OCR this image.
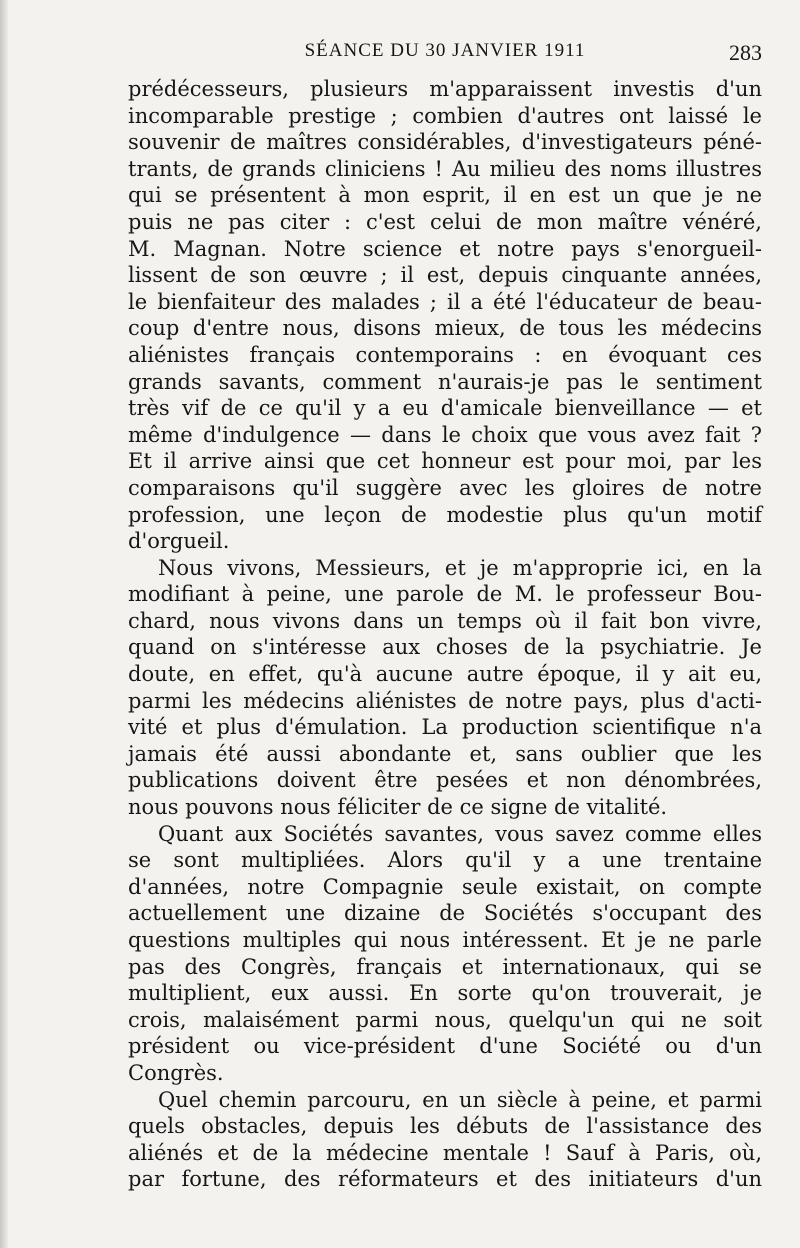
SÉANCE DU 30 JANVIER 1911	283
prédécesseurs, plusieurs m'apparaissent investis d'un
incomparable prestige ; combien d'autres ont laissé le
souvenir de maîtres considérables, d'investigateurs péné-
trants, de grands cliniciens ! Au milieu des noms illustres
qui se présentent à mon esprit, il en est un que je ne
puis ne pas citer : c'est celui de mon maître vénéré,
M. Magnan. Notre science et notre pays s'enorgueil-
lissent de son œuvre ; il est, depuis cinquante années,
le bienfaiteur des malades ; il a été l'éducateur de beau-
coup d'entre nous, disons mieux, de tous les médecins
aliénistes français contemporains : en évoquant ces
grands savants, comment n'aurais-je pas le sentiment
très vif de ce qu'il y a eu d'amicale bienveillance — et
même d'indulgence — dans le choix que vous avez fait ?
Et il arrive ainsi que cet honneur est pour moi, par les
comparaisons qu'il suggère avec les gloires de notre
profession, une leçon de modestie plus qu'un motif
d'orgueil.
Nous vivons, Messieurs, et je m'approprie ici, en la
modifiant à peine, une parole de M. le professeur Bou-
chard, nous vivons dans un temps où il fait bon vivre,
quand on s'intéresse aux choses de la psychiatrie. Je
doute, en effet, qu'à aucune autre époque, il y ait eu,
parmi les médecins aliénistes de notre pays, plus d'acti-
vité et plus d'émulation. La production scientifique n'a
jamais été aussi abondante et, sans oublier que les
publications doivent être pesées et non dénombrées,
nous pouvons nous féliciter de ce signe de vitalité.
Quant aux Sociétés savantes, vous savez comme elles
se sont multipliées. Alors qu'il y a une trentaine
d'années, notre Compagnie seule existait, on compte
actuellement une dizaine de Sociétés s'occupant des
questions multiples qui nous intéressent. Et je ne parle
pas des Congrès, français et internationaux, qui se
multiplient, eux aussi. En sorte qu'on trouverait, je
crois, malaisément parmi nous, quelqu'un qui ne soit
président ou vice-président d'une Société ou d'un
Congrès.
Quel chemin parcouru, en un siècle à peine, et parmi
quels obstacles, depuis les débuts de l'assistance des
aliénés et de la médecine mentale ! Sauf à Paris, où,
par fortune, des réformateurs et des initiateurs d'un
